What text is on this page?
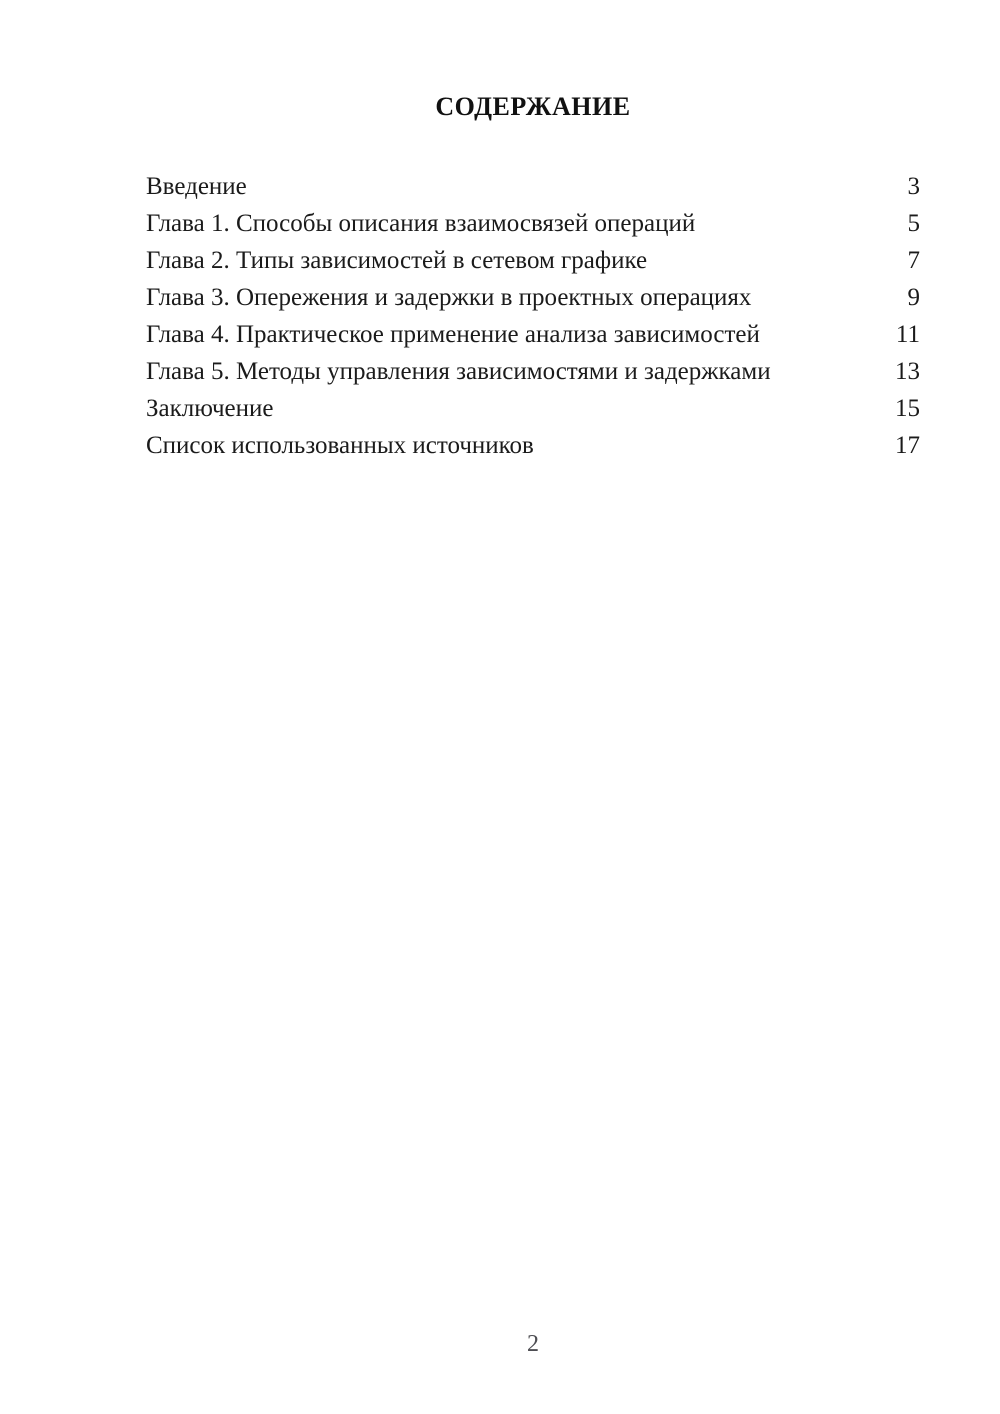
СОДЕРЖАНИЕ
Введение	3
Глава 1. Способы описания взаимосвязей операций	5
Глава 2. Типы зависимостей в сетевом графике	7
Глава 3. Опережения и задержки в проектных операциях	9
Глава 4. Практическое применение анализа зависимостей	11
Глава 5. Методы управления зависимостями и задержками	13
Заключение	15
Список использованных источников	17
2
